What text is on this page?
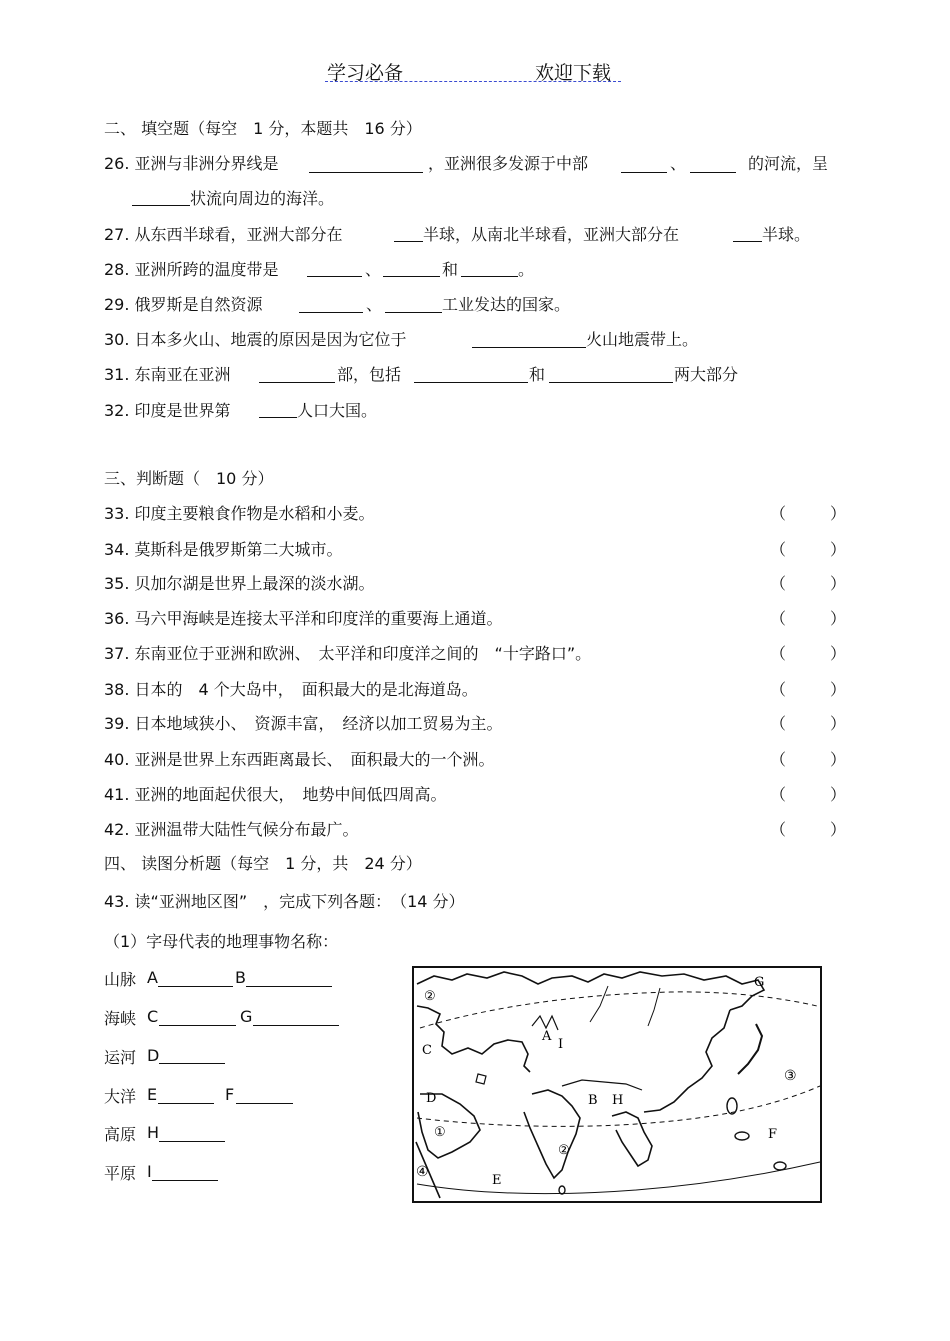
学习必备	欢迎下载
二、 填空题（每空　1 分，本题共　16 分）
26. 亚洲与非洲分界线是	，亚洲很多发源于中部	、	的河流，呈
状流向周边的海洋。
27. 从东西半球看，亚洲大部分在	半球，从南北半球看，亚洲大部分在	半球。
28. 亚洲所跨的温度带是	、	和	。
29. 俄罗斯是自然资源	、	工业发达的国家。
30. 日本多火山、地震的原因是因为它位于	火山地震带上。
31. 东南亚在亚洲	部，包括	和	两大部分
32. 印度是世界第	人口大国。
三、判断题（　10 分）
33. 印度主要粮食作物是水稻和小麦。	（	）
34. 莫斯科是俄罗斯第二大城市。	（	）
35. 贝加尔湖是世界上最深的淡水湖。	（	）
36. 马六甲海峡是连接太平洋和印度洋的重要海上通道。	（	）
37. 东南亚位于亚洲和欧洲、　太平洋和印度洋之间的　“十字路口”。	（	）
38. 日本的　4 个大岛中，　面积最大的是北海道岛。	（	）
39. 日本地域狭小、　资源丰富，　经济以加工贸易为主。	（	）
40. 亚洲是世界上东西距离最长、　面积最大的一个洲。	（	）
41. 亚洲的地面起伏很大，　地势中间低四周高。	（	）
42. 亚洲温带大陆性气候分布最广。	（	）
四、 读图分析题（每空　1 分，共　24 分）
43. 读“亚洲地区图”　，完成下列各题：　（14 分）
（1）字母代表的地理事物名称：
山脉 A	B
海峡 C	G
运河 D
大洋 E	F
高原 H
平原 I
G
②
A
I
C
③
D	B H
①	F
②
④
E
